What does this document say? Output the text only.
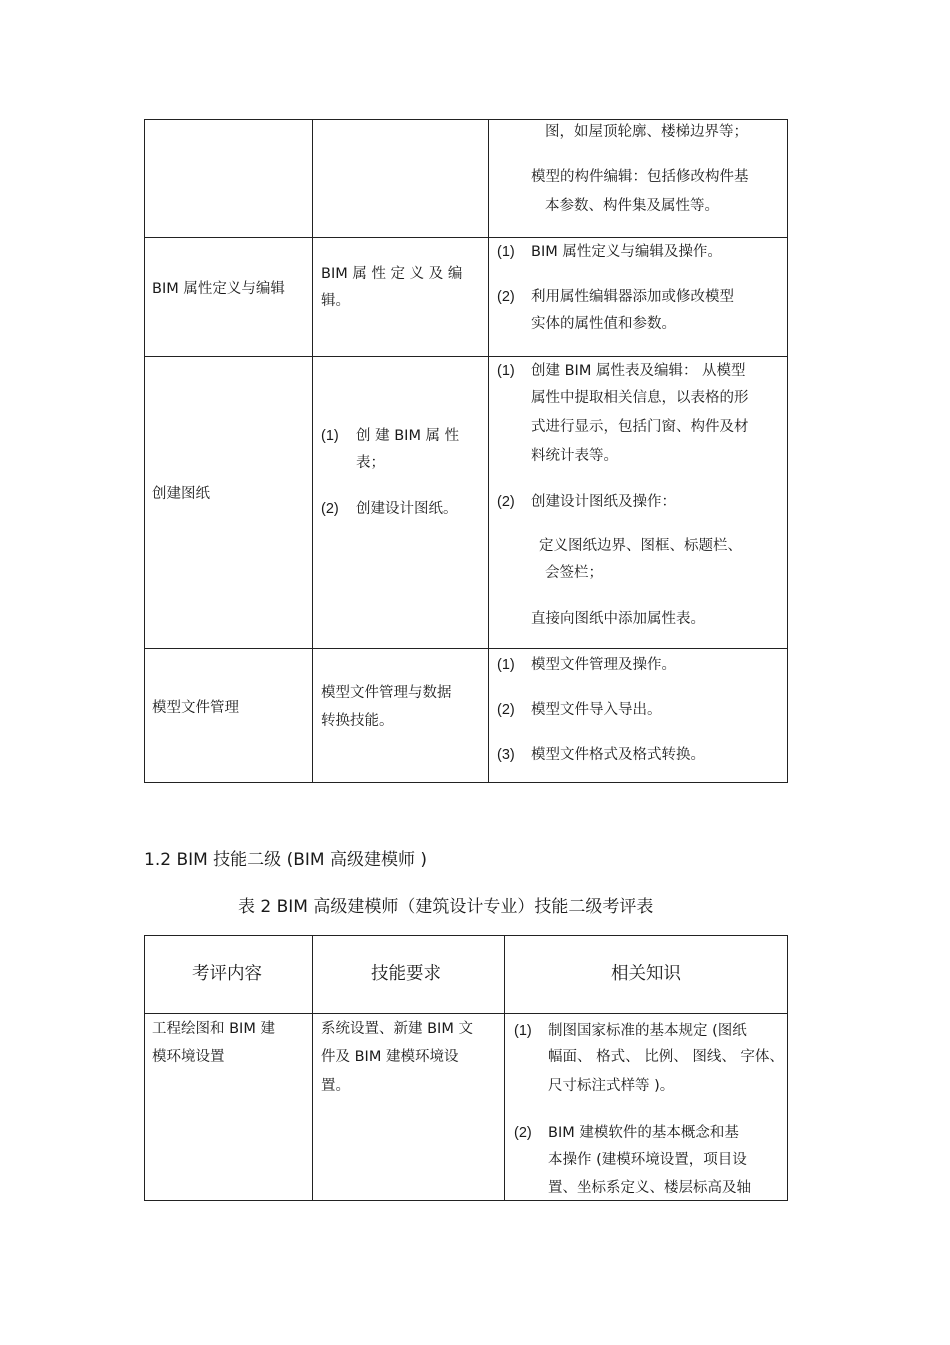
图，如屋顶轮廓、楼梯边界等；
模型的构件编辑：包括修改构件基
本参数、构件集及属性等。
BIM 属性定义与编辑
BIM 属 性 定 义 及 编
辑。
(1) BIM 属性定义与编辑及操作。
(2) 利用属性编辑器添加或修改模型
实体的属性值和参数。
创建图纸
(1) 创 建 BIM 属 性
表；
(2) 创建设计图纸。
(1) 创建 BIM 属性表及编辑： 从模型
属性中提取相关信息，以表格的形
式进行显示，包括门窗、构件及材
料统计表等。
(2) 创建设计图纸及操作：
定义图纸边界、图框、标题栏、
会签栏；
直接向图纸中添加属性表。
模型文件管理
模型文件管理与数据
转换技能。
(1) 模型文件管理及操作。
(2) 模型文件导入导出。
(3) 模型文件格式及格式转换。
1.2 BIM 技能二级 (BIM 高级建模师 )
表 2 BIM 高级建模师（建筑设计专业）技能二级考评表
考评内容	技能要求	相关知识
工程绘图和 BIM 建
模环境设置
系统设置、新建 BIM 文
件及 BIM 建模环境设
置。
(1) 制图国家标准的基本规定 (图纸
幅面、 格式、 比例、 图线、 字体、
尺寸标注式样等 )。
(2) BIM 建模软件的基本概念和基
本操作 (建模环境设置，项目设
置、坐标系定义、楼层标高及轴
